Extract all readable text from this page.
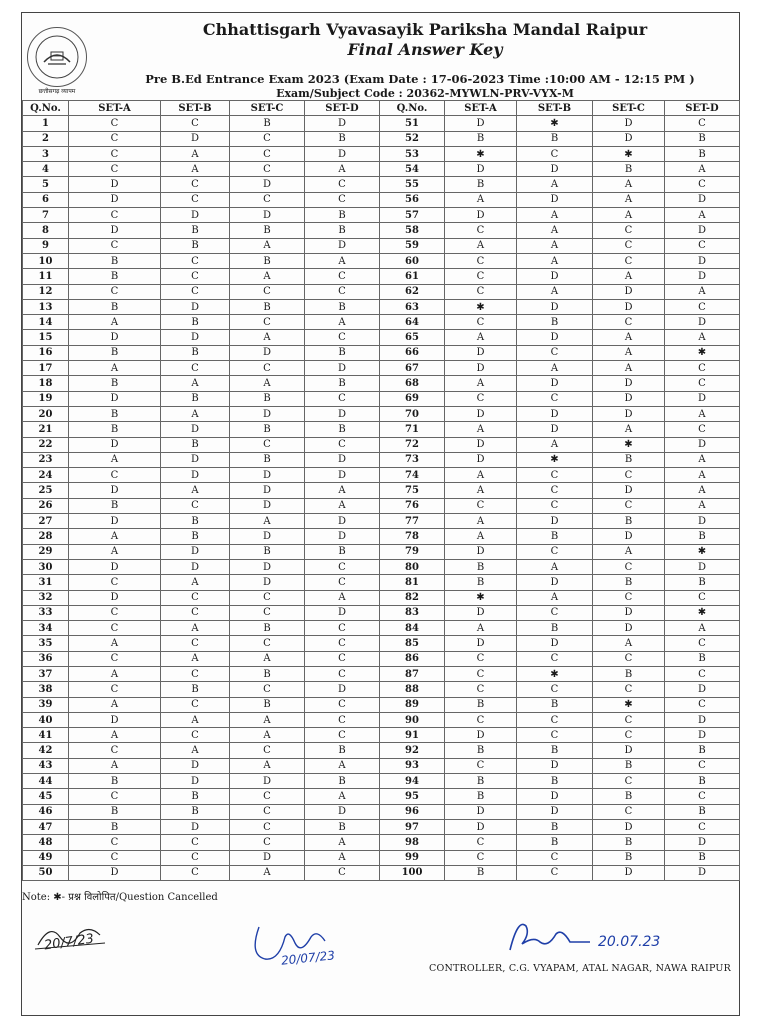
छत्तीसगढ़ व्यापम
Chhattisgarh Vyavasayik Pariksha Mandal Raipur
Final Answer Key
Pre B.Ed Entrance Exam 2023 (Exam Date : 17-06-2023 Time :10:00 AM - 12:15 PM )
Exam/Subject Code : 20362-MYWLN-PRV-VYX-M
Q.No.	SET-A	SET-B	SET-C	SET-D	Q.No.	SET-A	SET-B	SET-C	SET-D
1	C	C	B	D	51	D	✱	D	C
2	C	D	C	B	52	B	B	D	B
3	C	A	C	D	53	✱	C	✱	B
4	C	A	C	A	54	D	D	B	A
5	D	C	D	C	55	B	A	A	C
6	D	C	C	C	56	A	D	A	D
7	C	D	D	B	57	D	A	A	A
8	D	B	B	B	58	C	A	C	D
9	C	B	A	D	59	A	A	C	C
10	B	C	B	A	60	C	A	C	D
11	B	C	A	C	61	C	D	A	D
12	C	C	C	C	62	C	A	D	A
13	B	D	B	B	63	✱	D	D	C
14	A	B	C	A	64	C	B	C	D
15	D	D	A	C	65	A	D	A	A
16	B	B	D	B	66	D	C	A	✱
17	A	C	C	D	67	D	A	A	C
18	B	A	A	B	68	A	D	D	C
19	D	B	B	C	69	C	C	D	D
20	B	A	D	D	70	D	D	D	A
21	B	D	B	B	71	A	D	A	C
22	D	B	C	C	72	D	A	✱	D
23	A	D	B	D	73	D	✱	B	A
24	C	D	D	D	74	A	C	C	A
25	D	A	D	A	75	A	C	D	A
26	B	C	D	A	76	C	C	C	A
27	D	B	A	D	77	A	D	B	D
28	A	B	D	D	78	A	B	D	B
29	A	D	B	B	79	D	C	A	✱
30	D	D	D	C	80	B	A	C	D
31	C	A	D	C	81	B	D	B	B
32	D	C	C	A	82	✱	A	C	C
33	C	C	C	D	83	D	C	D	✱
34	C	A	B	C	84	A	B	D	A
35	A	C	C	C	85	D	D	A	C
36	C	A	A	C	86	C	C	C	B
37	A	C	B	C	87	C	✱	B	C
38	C	B	C	D	88	C	C	C	D
39	A	C	B	C	89	B	B	✱	C
40	D	A	A	C	90	C	C	C	D
41	A	C	A	C	91	D	C	C	D
42	C	A	C	B	92	B	B	D	B
43	A	D	A	A	93	C	D	B	C
44	B	D	D	B	94	B	B	C	B
45	C	B	C	A	95	B	D	B	C
46	B	B	C	D	96	D	D	C	B
47	B	D	C	B	97	D	B	D	C
48	C	C	C	A	98	C	B	B	D
49	C	C	D	A	99	C	C	B	B
50	D	C	A	C	100	B	C	D	D
Note: ✱- प्रश्न विलोपित/Question Cancelled
20/7/23
20/07/23
20.07.23
CONTROLLER, C.G. VYAPAM, ATAL NAGAR, NAWA RAIPUR
